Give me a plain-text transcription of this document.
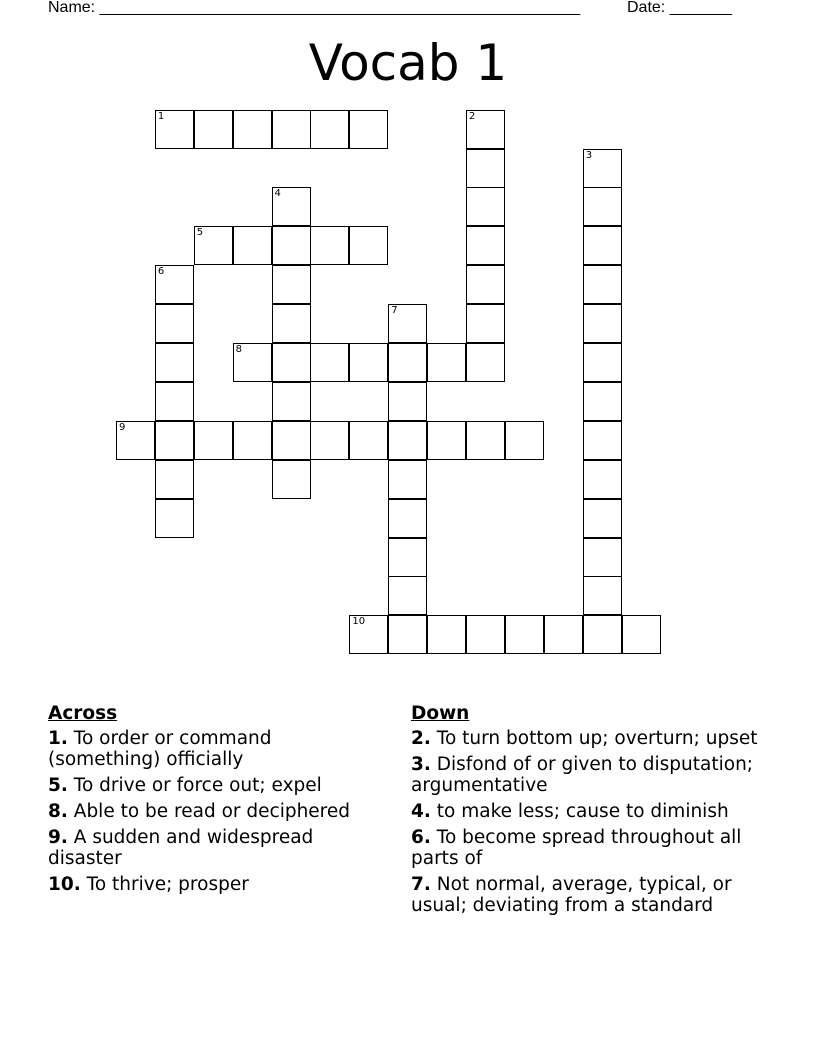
Name: ______________________________________________________	Date: _______
Vocab 1
1	2
3
4
5
6
7
8
9
10
Across
1. To order or command (something) officially
5. To drive or force out; expel
8. Able to be read or deciphered
9. A sudden and widespread disaster
10. To thrive; prosper
Down
2. To turn bottom up; overturn; upset
3. Disfond of or given to disputation; argumentative
4. to make less; cause to diminish
6. To become spread throughout all parts of
7. Not normal, average, typical, or usual; deviating from a standard
